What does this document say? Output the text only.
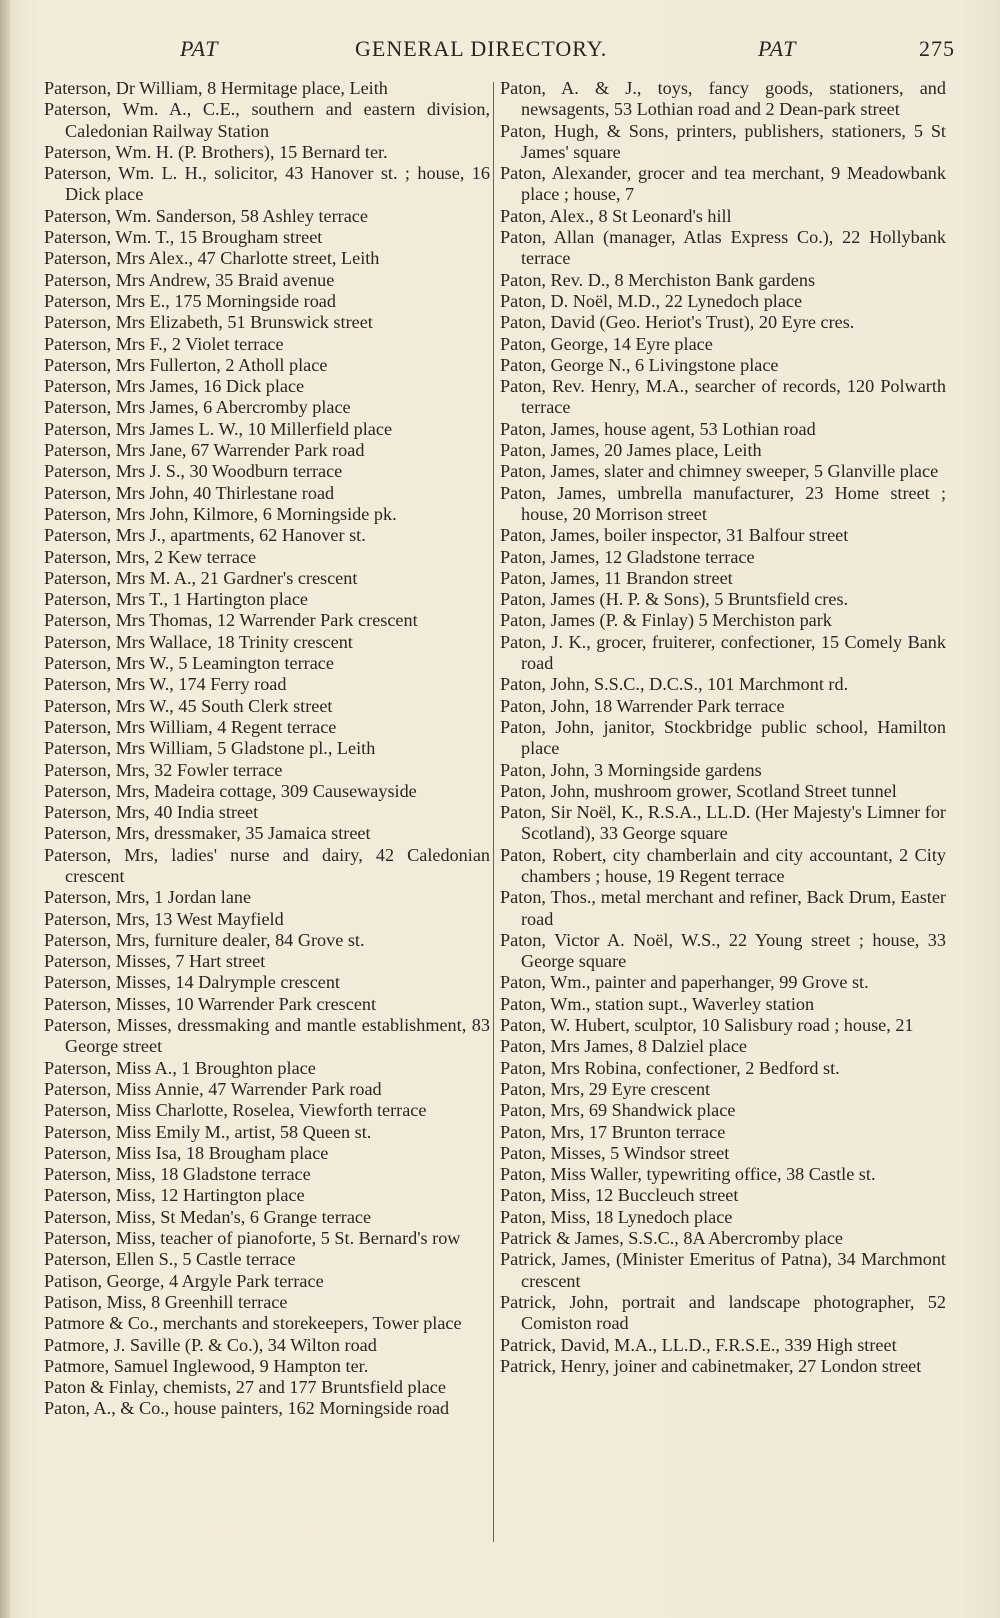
PAT	GENERAL DIRECTORY.	PAT	275

Paterson, Dr William, 8 Hermitage place, Leith

Paterson, Wm. A., C.E., southern and eastern division, Caledonian Railway Station

Paterson, Wm. H. (P. Brothers), 15 Bernard ter.

Paterson, Wm. L. H., solicitor, 43 Hanover st. ; house, 16 Dick place

Paterson, Wm. Sanderson, 58 Ashley terrace

Paterson, Wm. T., 15 Brougham street

Paterson, Mrs Alex., 47 Charlotte street, Leith

Paterson, Mrs Andrew, 35 Braid avenue

Paterson, Mrs E., 175 Morningside road

Paterson, Mrs Elizabeth, 51 Brunswick street

Paterson, Mrs F., 2 Violet terrace

Paterson, Mrs Fullerton, 2 Atholl place

Paterson, Mrs James, 16 Dick place

Paterson, Mrs James, 6 Abercromby place

Paterson, Mrs James L. W., 10 Millerfield place

Paterson, Mrs Jane, 67 Warrender Park road

Paterson, Mrs J. S., 30 Woodburn terrace

Paterson, Mrs John, 40 Thirlestane road

Paterson, Mrs John, Kilmore, 6 Morningside pk.

Paterson, Mrs J., apartments, 62 Hanover st.

Paterson, Mrs, 2 Kew terrace

Paterson, Mrs M. A., 21 Gardner's crescent

Paterson, Mrs T., 1 Hartington place

Paterson, Mrs Thomas, 12 Warrender Park crescent

Paterson, Mrs Wallace, 18 Trinity crescent

Paterson, Mrs W., 5 Leamington terrace

Paterson, Mrs W., 174 Ferry road

Paterson, Mrs W., 45 South Clerk street

Paterson, Mrs William, 4 Regent terrace

Paterson, Mrs William, 5 Gladstone pl., Leith

Paterson, Mrs, 32 Fowler terrace

Paterson, Mrs, Madeira cottage, 309 Causewayside

Paterson, Mrs, 40 India street

Paterson, Mrs, dressmaker, 35 Jamaica street

Paterson, Mrs, ladies' nurse and dairy, 42 Caledonian crescent

Paterson, Mrs, 1 Jordan lane

Paterson, Mrs, 13 West Mayfield

Paterson, Mrs, furniture dealer, 84 Grove st.

Paterson, Misses, 7 Hart street

Paterson, Misses, 14 Dalrymple crescent

Paterson, Misses, 10 Warrender Park crescent

Paterson, Misses, dressmaking and mantle establishment, 83 George street

Paterson, Miss A., 1 Broughton place

Paterson, Miss Annie, 47 Warrender Park road

Paterson, Miss Charlotte, Roselea, Viewforth terrace

Paterson, Miss Emily M., artist, 58 Queen st.

Paterson, Miss Isa, 18 Brougham place

Paterson, Miss, 18 Gladstone terrace

Paterson, Miss, 12 Hartington place

Paterson, Miss, St Medan's, 6 Grange terrace

Paterson, Miss, teacher of pianoforte, 5 St. Bernard's row

Paterson, Ellen S., 5 Castle terrace

Patison, George, 4 Argyle Park terrace

Patison, Miss, 8 Greenhill terrace

Patmore & Co., merchants and storekeepers, Tower place

Patmore, J. Saville (P. & Co.), 34 Wilton road

Patmore, Samuel Inglewood, 9 Hampton ter.

Paton & Finlay, chemists, 27 and 177 Bruntsfield place

Paton, A., & Co., house painters, 162 Morningside road

Paton, A. & J., toys, fancy goods, stationers, and newsagents, 53 Lothian road and 2 Dean-park street

Paton, Hugh, & Sons, printers, publishers, stationers, 5 St James' square

Paton, Alexander, grocer and tea merchant, 9 Meadowbank place ; house, 7

Paton, Alex., 8 St Leonard's hill

Paton, Allan (manager, Atlas Express Co.), 22 Hollybank terrace

Paton, Rev. D., 8 Merchiston Bank gardens

Paton, D. Noël, M.D., 22 Lynedoch place

Paton, David (Geo. Heriot's Trust), 20 Eyre cres.

Paton, George, 14 Eyre place

Paton, George N., 6 Livingstone place

Paton, Rev. Henry, M.A., searcher of records, 120 Polwarth terrace

Paton, James, house agent, 53 Lothian road

Paton, James, 20 James place, Leith

Paton, James, slater and chimney sweeper, 5 Glanville place

Paton, James, umbrella manufacturer, 23 Home street ; house, 20 Morrison street

Paton, James, boiler inspector, 31 Balfour street

Paton, James, 12 Gladstone terrace

Paton, James, 11 Brandon street

Paton, James (H. P. & Sons), 5 Bruntsfield cres.

Paton, James (P. & Finlay) 5 Merchiston park

Paton, J. K., grocer, fruiterer, confectioner, 15 Comely Bank road

Paton, John, S.S.C., D.C.S., 101 Marchmont rd.

Paton, John, 18 Warrender Park terrace

Paton, John, janitor, Stockbridge public school, Hamilton place

Paton, John, 3 Morningside gardens

Paton, John, mushroom grower, Scotland Street tunnel

Paton, Sir Noël, K., R.S.A., LL.D. (Her Majesty's Limner for Scotland), 33 George square

Paton, Robert, city chamberlain and city accountant, 2 City chambers ; house, 19 Regent terrace

Paton, Thos., metal merchant and refiner, Back Drum, Easter road

Paton, Victor A. Noël, W.S., 22 Young street ; house, 33 George square

Paton, Wm., painter and paperhanger, 99 Grove st.

Paton, Wm., station supt., Waverley station

Paton, W. Hubert, sculptor, 10 Salisbury road ; house, 21

Paton, Mrs James, 8 Dalziel place

Paton, Mrs Robina, confectioner, 2 Bedford st.

Paton, Mrs, 29 Eyre crescent

Paton, Mrs, 69 Shandwick place

Paton, Mrs, 17 Brunton terrace

Paton, Misses, 5 Windsor street

Paton, Miss Waller, typewriting office, 38 Castle st.

Paton, Miss, 12 Buccleuch street

Paton, Miss, 18 Lynedoch place

Patrick & James, S.S.C., 8A Abercromby place

Patrick, James, (Minister Emeritus of Patna), 34 Marchmont crescent

Patrick, John, portrait and landscape photographer, 52 Comiston road

Patrick, David, M.A., LL.D., F.R.S.E., 339 High street

Patrick, Henry, joiner and cabinetmaker, 27 London street
